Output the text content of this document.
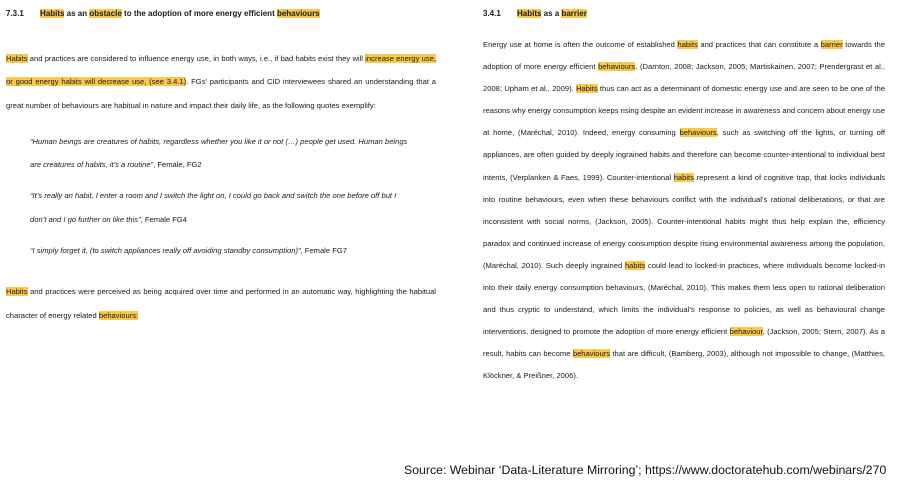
7.3.1 Habits as an obstacle to the adoption of more energy efficient behaviours

Habits and practices are considered to influence energy use, in both ways, i.e., if bad habits exist they will increase energy use, or good energy habits will decrease use, (see 3.4.1). FGs' participants and CID interviewees shared an understanding that a great number of behaviours are habitual in nature and impact their daily life, as the following quotes exemplify:

“Human beings are creatures of habits, regardless whether you like it or not (…) people get used. Human beings are creatures of habits, it’s a routine”, Female, FG2
“It’s really an habit, I enter a room and I switch the light on, I could go back and switch the one before off but I don’t and I go further on like this”, Female FG4
“I simply forget it, (to switch appliances really off avoiding standby consumption)”, Female FG7

Habits and practices were perceived as being acquired over time and performed in an automatic way, highlighting the habitual character of energy related behaviours:

3.4.1 Habits as a barrier

Energy use at home is often the outcome of established habits and practices that can constitute a barrier towards the adoption of more energy efficient behaviours, (Darnton, 2008; Jackson, 2005; Martiskainen, 2007; Prendergrast et al., 2008; Upham et al., 2009). Habits thus can act as a determinant of domestic energy use and are seen to be one of the reasons why energy consumption keeps rising despite an evident increase in awareness and concern about energy use at home, (Maréchal, 2010). Indeed, energy consuming behaviours, such as switching off the lights, or turning off appliances, are often guided by deeply ingrained habits and therefore can become counter-intentional to individual best intents, (Verplanken & Faes, 1999). Counter-intentional habits represent a kind of cognitive trap, that locks individuals into routine behaviours, even when these behaviours conflict with the individual’s rational deliberations, or that are inconsistent with social norms, (Jackson, 2005). Counter-intentional habits might thus help explain the, efficiency paradox and continued increase of energy consumption despite rising environmental awareness among the population, (Maréchal, 2010). Such deeply ingrained habits could lead to locked-in practices, where individuals become locked-in into their daily energy consumption behaviours, (Maréchal, 2010). This makes them less open to rational deliberation and thus cryptic to understand, which limits the individual’s response to policies, as well as behavioural change interventions, designed to promote the adoption of more energy efficient behaviour, (Jackson, 2005; Stern, 2007). As a result, habits can become behaviours that are difficult, (Bamberg, 2003), although not impossible to change, (Matthies, Klöckner, & Preißner, 2006).

Source: Webinar ‘Data-Literature Mirroring’; https://www.doctoratehub.com/webinars/270
